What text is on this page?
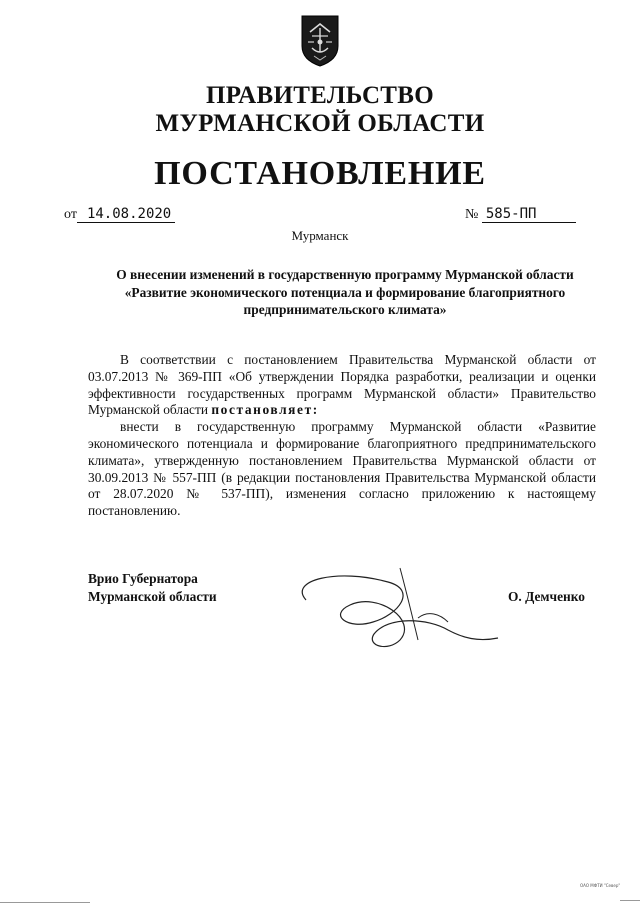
ПРАВИТЕЛЬСТВО
МУРМАНСКОЙ ОБЛАСТИ
ПОСТАНОВЛЕНИЕ
от 14.08.2020	№ 585-ПП
Мурманск
О внесении изменений в государственную программу Мурманской области
«Развитие экономического потенциала и формирование благоприятного
предпринимательского климата»

В соответствии с постановлением Правительства Мурманской области от 03.07.2013 № 369-ПП «Об утверждении Порядка разработки, реализации и оценки эффективности государственных программ Мурманской области» Правительство Мурманской области постановляет:

внести в государственную программу Мурманской области «Развитие экономического потенциала и формирование благоприятного предпринимательского климата», утвержденную постановлением Правительства Мурманской области от 30.09.2013 № 557-ПП (в редакции постановления Правительства Мурманской области от 28.07.2020 № 537-ПП), изменения согласно приложению к настоящему постановлению.

Врио Губернатора
Мурманской области	О. Демченко
ОАО МФТИ "Север"
